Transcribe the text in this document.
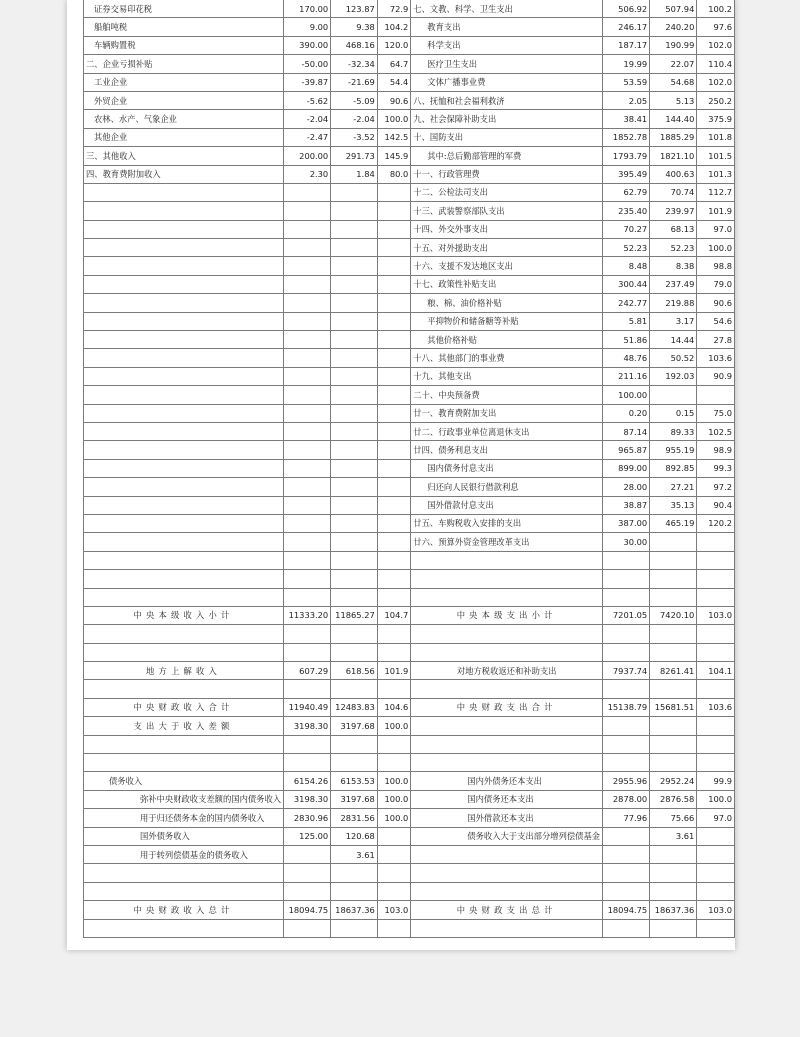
证券交易印花税	170.00	123.87	72.9	七、文教、科学、卫生支出	506.92	507.94	100.2
船舶吨税	9.00	9.38	104.2	教育支出	246.17	240.20	97.6
车辆购置税	390.00	468.16	120.0	科学支出	187.17	190.99	102.0
二、企业亏损补贴	-50.00	-32.34	64.7	医疗卫生支出	19.99	22.07	110.4
工业企业	-39.87	-21.69	54.4	文体广播事业费	53.59	54.68	102.0
外贸企业	-5.62	-5.09	90.6	八、抚恤和社会福利救济	2.05	5.13	250.2
农林、水产、气象企业	-2.04	-2.04	100.0	九、社会保障补助支出	38.41	144.40	375.9
其他企业	-2.47	-3.52	142.5	十、国防支出	1852.78	1885.29	101.8
三、其他收入	200.00	291.73	145.9	其中:总后勤部管理的军费	1793.79	1821.10	101.5
四、教育费附加收入	2.30	1.84	80.0	十一、行政管理费	395.49	400.63	101.3
				十二、公检法司支出	62.79	70.74	112.7
				十三、武装警察部队支出	235.40	239.97	101.9
				十四、外交外事支出	70.27	68.13	97.0
				十五、对外援助支出	52.23	52.23	100.0
				十六、支援不发达地区支出	8.48	8.38	98.8
				十七、政策性补贴支出	300.44	237.49	79.0
				粮、棉、油价格补贴	242.77	219.88	90.6
				平抑物价和储备糖等补贴	5.81	3.17	54.6
				其他价格补贴	51.86	14.44	27.8
				十八、其他部门的事业费	48.76	50.52	103.6
				十九、其他支出	211.16	192.03	90.9
				二十、中央预备费	100.00		
				廿一、教育费附加支出	0.20	0.15	75.0
				廿二、行政事业单位离退休支出	87.14	89.33	102.5
				廿四、债务利息支出	965.87	955.19	98.9
				国内债务付息支出	899.00	892.85	99.3
				归还向人民银行借款利息	28.00	27.21	97.2
				国外借款付息支出	38.87	35.13	90.4
				廿五、车购税收入安排的支出	387.00	465.19	120.2
				廿六、预算外资金管理改革支出	30.00		

中央本级收入小计	11333.20	11865.27	104.7	中央本级支出小计	7201.05	7420.10	103.0

地方上解收入	607.29	618.56	101.9	对地方税收返还和补助支出	7937.74	8261.41	104.1

中央财政收入合计	11940.49	12483.83	104.6	中央财政支出合计	15138.79	15681.51	103.6
支出大于收入差额	3198.30	3197.68	100.0				

债务收入	6154.26	6153.53	100.0	国内外债务还本支出	2955.96	2952.24	99.9
弥补中央财政收支差额的国内债务收入	3198.30	3197.68	100.0	国内债务还本支出	2878.00	2876.58	100.0
用于归还债务本金的国内债务收入	2830.96	2831.56	100.0	国外借款还本支出	77.96	75.66	97.0
国外债务收入	125.00	120.68		债务收入大于支出部分增列偿债基金		3.61	
用于转列偿债基金的债务收入		3.61					

中央财政收入总计	18094.75	18637.36	103.0	中央财政支出总计	18094.75	18637.36	103.0
